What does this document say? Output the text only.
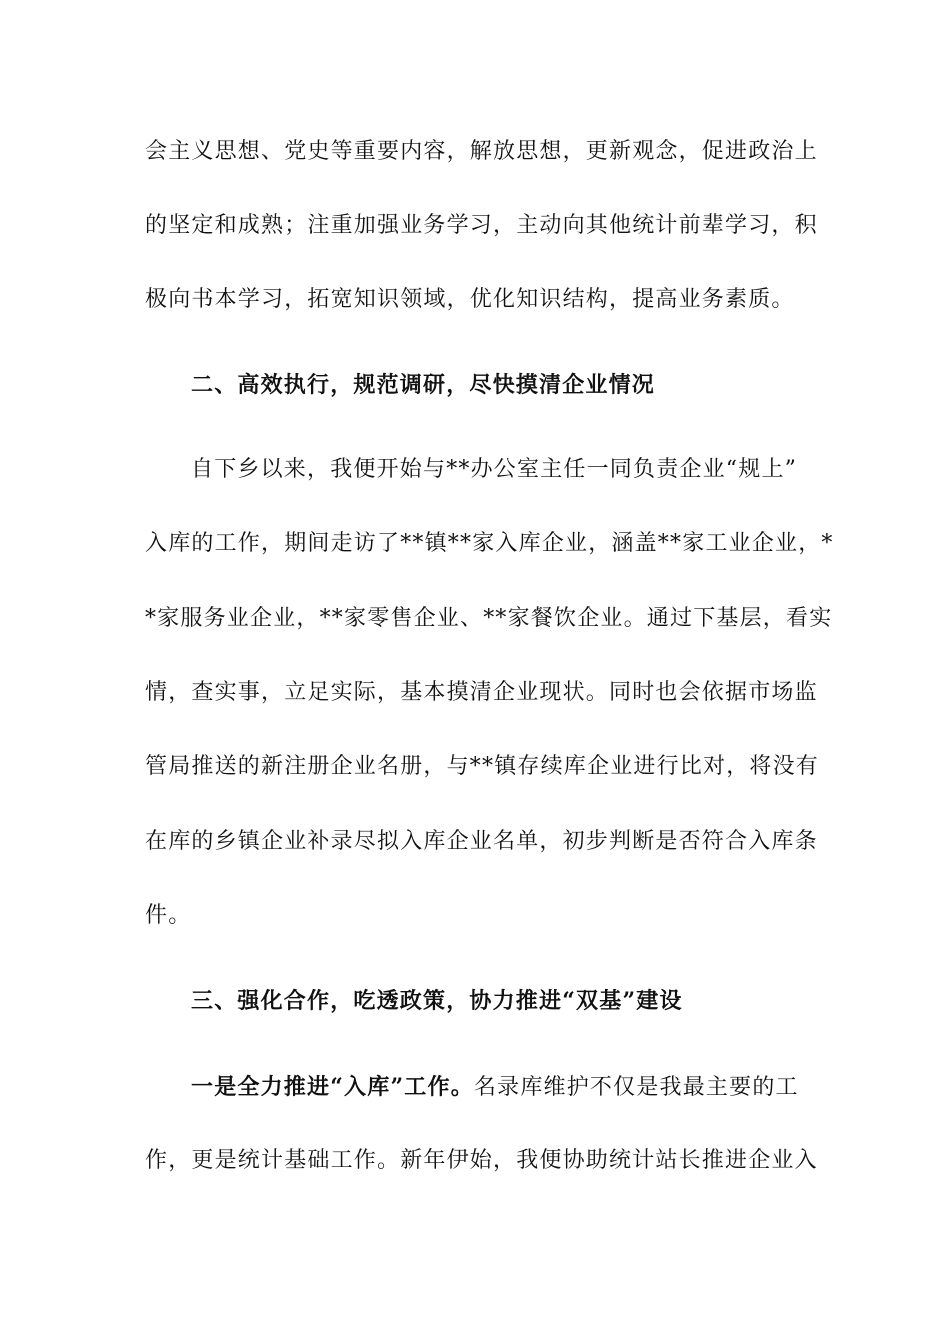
会主义思想、党史等重要内容，解放思想，更新观念，促进政治上
的坚定和成熟；注重加强业务学习，主动向其他统计前辈学习，积
极向书本学习，拓宽知识领域，优化知识结构，提高业务素质。
二、高效执行，规范调研，尽快摸清企业情况
自下乡以来，我便开始与**办公室主任一同负责企业“规上”
入库的工作，期间走访了**镇**家入库企业，涵盖**家工业企业，*
*家服务业企业，**家零售企业、**家餐饮企业。通过下基层，看实
情，查实事，立足实际，基本摸清企业现状。同时也会依据市场监
管局推送的新注册企业名册，与**镇存续库企业进行比对，将没有
在库的乡镇企业补录尽拟入库企业名单，初步判断是否符合入库条
件。
三、强化合作，吃透政策，协力推进“双基”建设
一是全力推进“入库”工作。名录库维护不仅是我最主要的工
作，更是统计基础工作。新年伊始，我便协助统计站长推进企业入
